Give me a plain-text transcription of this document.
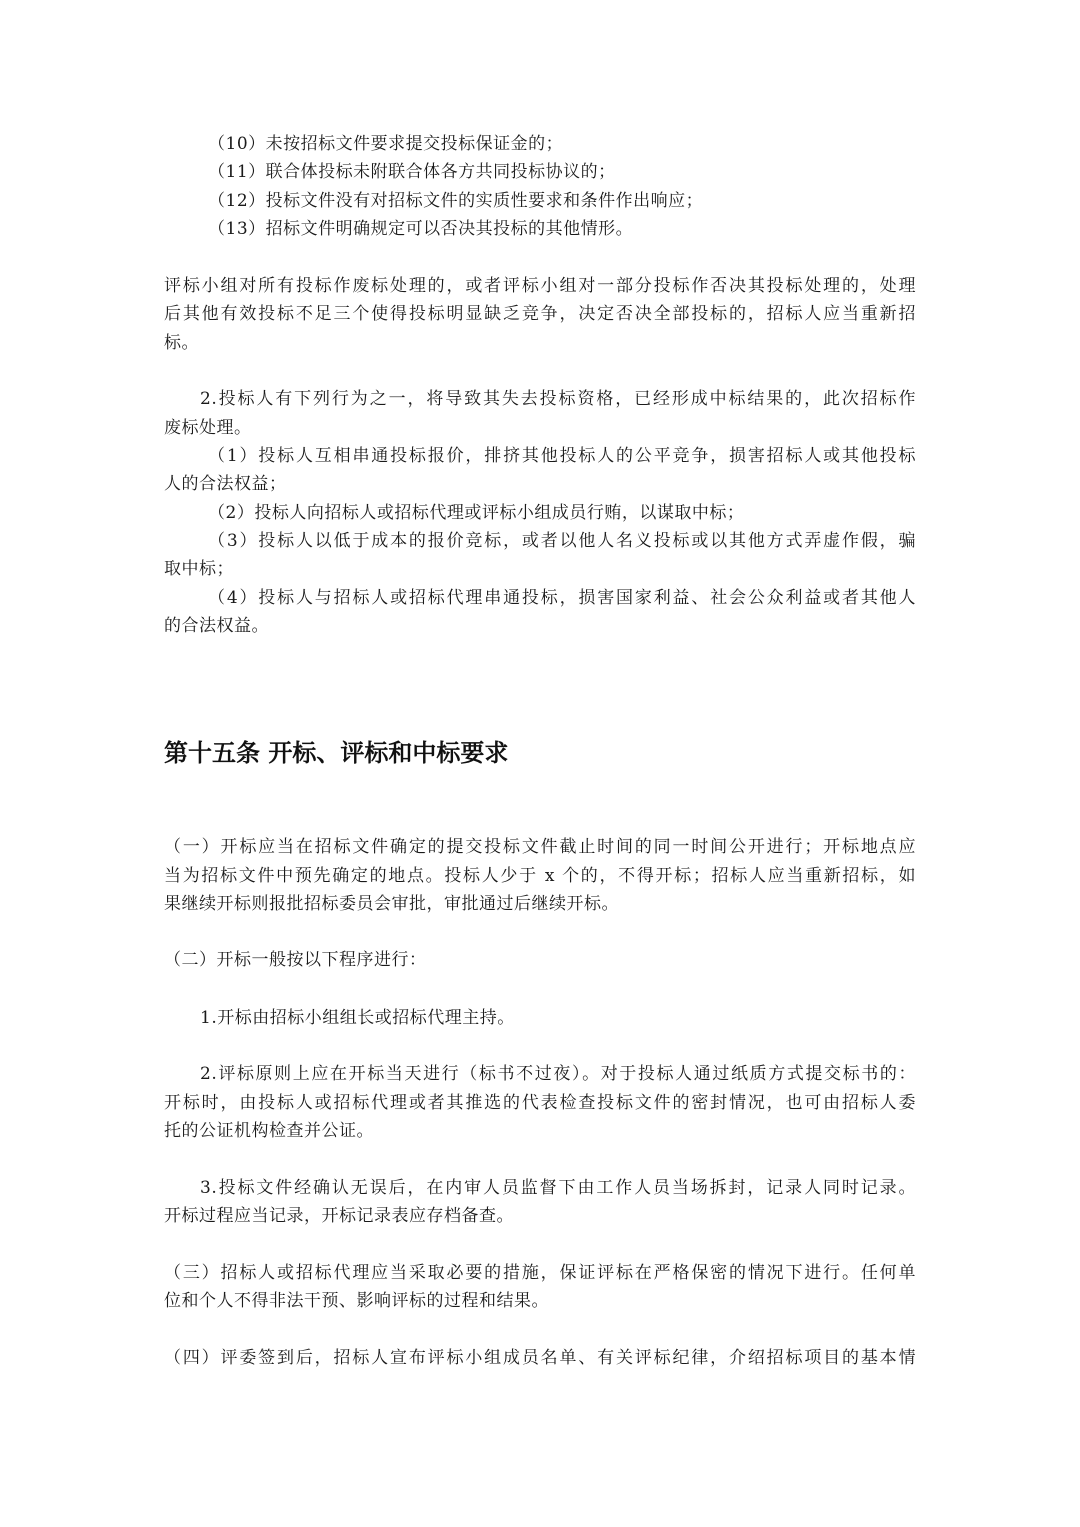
（10）未按招标文件要求提交投标保证金的；
（11）联合体投标未附联合体各方共同投标协议的；
（12）投标文件没有对招标文件的实质性要求和条件作出响应；
（13）招标文件明确规定可以否决其投标的其他情形。
评标小组对所有投标作废标处理的，或者评标小组对一部分投标作否决其投标处理的，处理
后其他有效投标不足三个使得投标明显缺乏竞争，决定否决全部投标的，招标人应当重新招
标。
2.投标人有下列行为之一，将导致其失去投标资格，已经形成中标结果的，此次招标作
废标处理。
（1）投标人互相串通投标报价，排挤其他投标人的公平竞争，损害招标人或其他投标
人的合法权益；
（2）投标人向招标人或招标代理或评标小组成员行贿，以谋取中标；
（3）投标人以低于成本的报价竞标，或者以他人名义投标或以其他方式弄虚作假，骗
取中标；
（4）投标人与招标人或招标代理串通投标，损害国家利益、社会公众利益或者其他人
的合法权益。
第十五条 开标、评标和中标要求
（一）开标应当在招标文件确定的提交投标文件截止时间的同一时间公开进行；开标地点应
当为招标文件中预先确定的地点。投标人少于 x 个的，不得开标；招标人应当重新招标，如
果继续开标则报批招标委员会审批，审批通过后继续开标。
（二）开标一般按以下程序进行：
1.开标由招标小组组长或招标代理主持。
2.评标原则上应在开标当天进行（标书不过夜）。对于投标人通过纸质方式提交标书的：
开标时，由投标人或招标代理或者其推选的代表检查投标文件的密封情况，也可由招标人委
托的公证机构检查并公证。
3.投标文件经确认无误后，在内审人员监督下由工作人员当场拆封，记录人同时记录。
开标过程应当记录，开标记录表应存档备查。
（三）招标人或招标代理应当采取必要的措施，保证评标在严格保密的情况下进行。任何单
位和个人不得非法干预、影响评标的过程和结果。
（四）评委签到后，招标人宣布评标小组成员名单、有关评标纪律，介绍招标项目的基本情
